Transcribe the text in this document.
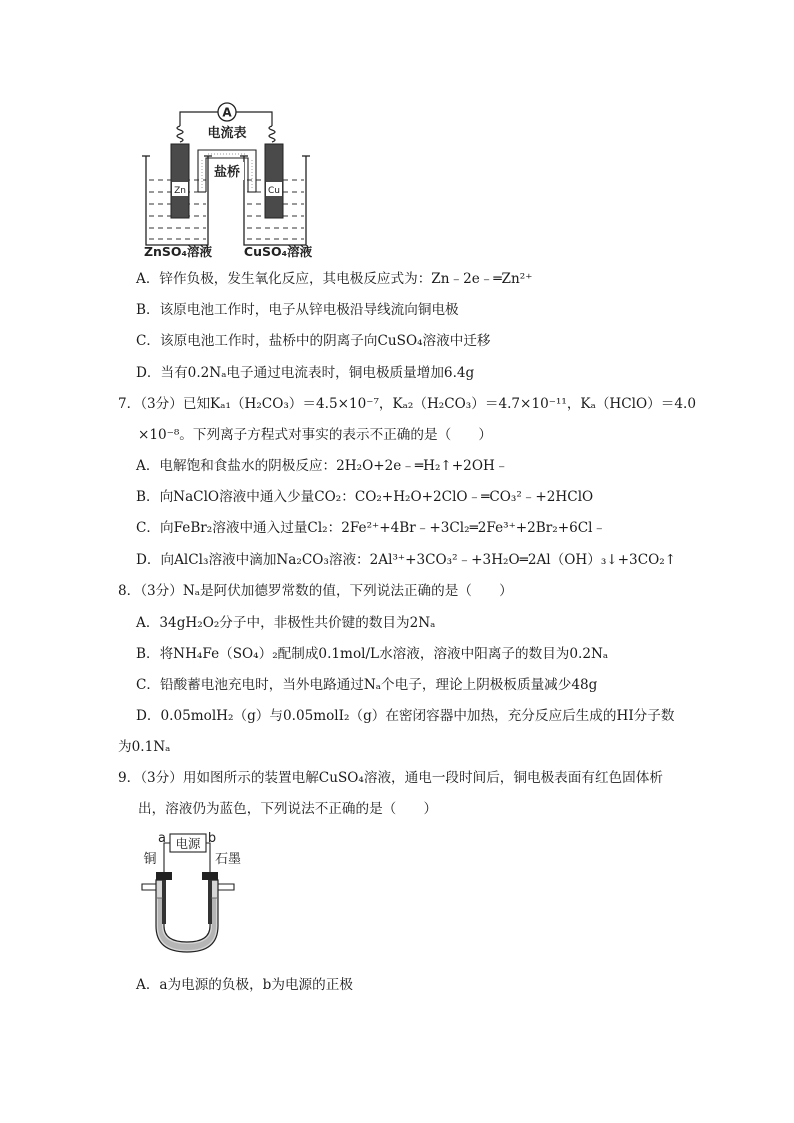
A
电流表
Zn	Cu
盐桥
ZnSO₄溶液	CuSO₄溶液
A．锌作负极，发生氧化反应，其电极反应式为：Zn﹣2e﹣═Zn²⁺
B．该原电池工作时，电子从锌电极沿导线流向铜电极
C．该原电池工作时，盐桥中的阴离子向CuSO₄溶液中迁移
D．当有0.2Nₐ电子通过电流表时，铜电极质量增加6.4g
7．（3分）已知Kₐ₁（H₂CO₃）＝4.5×10⁻⁷，Kₐ₂（H₂CO₃）＝4.7×10⁻¹¹，Kₐ（HClO）＝4.0
×10⁻⁸。下列离子方程式对事实的表示不正确的是（　　）
A．电解饱和食盐水的阴极反应：2H₂O+2e﹣═H₂↑+2OH﹣
B．向NaClO溶液中通入少量CO₂：CO₂+H₂O+2ClO﹣═CO₃²﹣+2HClO
C．向FeBr₂溶液中通入过量Cl₂：2Fe²⁺+4Br﹣+3Cl₂═2Fe³⁺+2Br₂+6Cl﹣
D．向AlCl₃溶液中滴加Na₂CO₃溶液：2Al³⁺+3CO₃²﹣+3H₂O═2Al（OH）₃↓+3CO₂↑
8．（3分）Nₐ是阿伏加德罗常数的值，下列说法正确的是（　　）
A．34gH₂O₂分子中，非极性共价键的数目为2Nₐ
B．将NH₄Fe（SO₄）₂配制成0.1mol/L水溶液，溶液中阳离子的数目为0.2Nₐ
C．铅酸蓄电池充电时，当外电路通过Nₐ个电子，理论上阴极板质量减少48g
D．0.05molH₂（g）与0.05molI₂（g）在密闭容器中加热，充分反应后生成的HI分子数
为0.1Nₐ
9．（3分）用如图所示的装置电解CuSO₄溶液，通电一段时间后，铜电极表面有红色固体析
出，溶液仍为蓝色，下列说法不正确的是（　　）
a	b
电源
铜	石墨
A．a为电源的负极，b为电源的正极
